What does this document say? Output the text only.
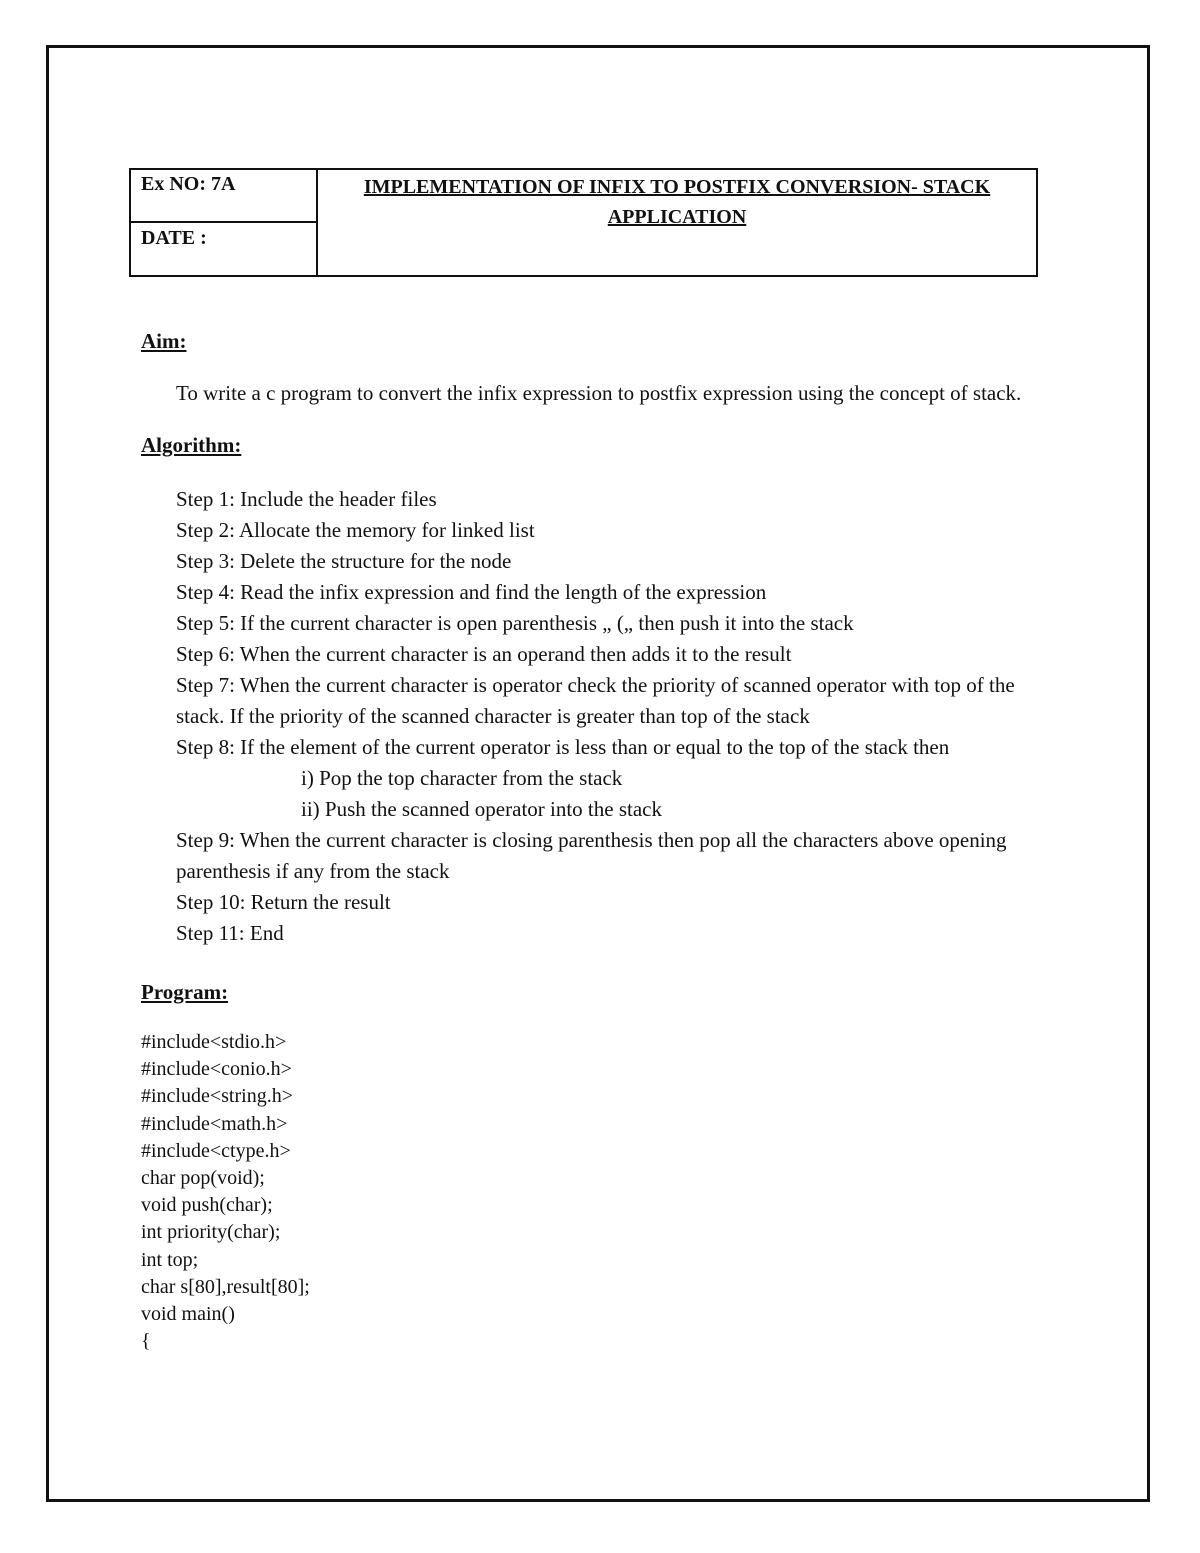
Ex NO: 7A
DATE :
IMPLEMENTATION OF INFIX TO POSTFIX CONVERSION- STACK APPLICATION

Aim:

To write a c program to convert the infix expression to postfix expression using the concept of stack.

Algorithm:

Step 1: Include the header files
Step 2: Allocate the memory for linked list
Step 3: Delete the structure for the node
Step 4: Read the infix expression and find the length of the expression
Step 5: If the current character is open parenthesis „ („ then push it into the stack
Step 6: When the current character is an operand then adds it to the result
Step 7: When the current character is operator check the priority of scanned operator with top of the stack. If the priority of the scanned character is greater than top of the stack
Step 8: If the element of the current operator is less than or equal to the top of the stack then
i) Pop the top character from the stack
ii) Push the scanned operator into the stack
Step 9: When the current character is closing parenthesis then pop all the characters above opening parenthesis if any from the stack
Step 10: Return the result
Step 11: End

Program:

#include<stdio.h>
#include<conio.h>
#include<string.h>
#include<math.h>
#include<ctype.h>
char pop(void);
void push(char);
int priority(char);
int top;
char s[80],result[80];
void main()
{
